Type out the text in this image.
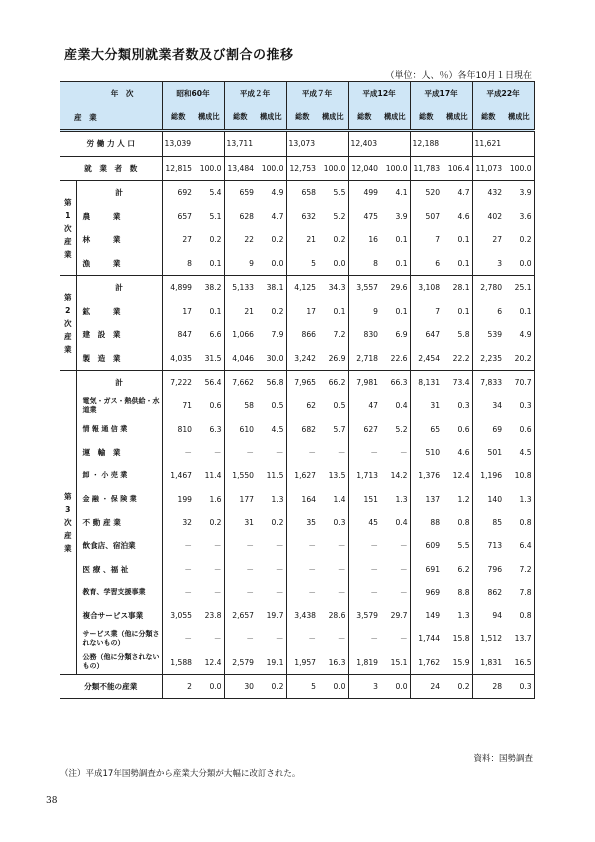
産業大分類別就業者数及び割合の推移
（単位：人、％）各年10月１日現在
年　次		昭和60年		平成２年		平成７年		平成12年		平成17年		平成22年	
産　業		総数	構成比	総数	構成比	総数	構成比	総数	構成比	総数	構成比	総数	構成比
労 働 力 人 口		13,039		13,711		13,073		12,403		12,188		11,621	
就　業　者　数		12,815	100.0	13,484	100.0	12,753	100.0	12,040	100.0	11,783	106.4	11,073	100.0

第
1
次
産
業	計	692	5.4	659	4.9	658	5.5	499	4.1	520	4.7	432	3.9
	農　　　業	657	5.1	628	4.7	632	5.2	475	3.9	507	4.6	402	3.6
	林　　　業	27	0.2	22	0.2	21	0.2	16	0.1	7	0.1	27	0.2
	漁　　　業	8	0.1	9	0.0	5	0.0	8	0.1	6	0.1	3	0.0

第
2
次
産
業	計	4,899	38.2	5,133	38.1	4,125	34.3	3,557	29.6	3,108	28.1	2,780	25.1
	鉱　　　業	17	0.1	21	0.2	17	0.1	9	0.1	7	0.1	6	0.1
	建　設　業	847	6.6	1,066	7.9	866	7.2	830	6.9	647	5.8	539	4.9
	製　造　業	4,035	31.5	4,046	30.0	3,242	26.9	2,718	22.6	2,454	22.2	2,235	20.2

第
3
次
産
業	計	7,222	56.4	7,662	56.8	7,965	66.2	7,981	66.3	8,131	73.4	7,833	70.7
	電気・ガス・熱供給・水道業	71	0.6	58	0.5	62	0.5	47	0.4	31	0.3	34	0.3
	情 報 通 信 業	810	6.3	610	4.5	682	5.7	627	5.2	65	0.6	69	0.6
	運　輸　業	－	－	－	－	－	－	－	－	510	4.6	501	4.5
	卸 ・ 小 売 業	1,467	11.4	1,550	11.5	1,627	13.5	1,713	14.2	1,376	12.4	1,196	10.8
	金 融 ・ 保 険 業	199	1.6	177	1.3	164	1.4	151	1.3	137	1.2	140	1.3
	不 動 産 業	32	0.2	31	0.2	35	0.3	45	0.4	88	0.8	85	0.8
	飲食店、宿泊業	－	－	－	－	－	－	－	－	609	5.5	713	6.4
	医 療 、福 祉	－	－	－	－	－	－	－	－	691	6.2	796	7.2
	教育、学習支援事業	－	－	－	－	－	－	－	－	969	8.8	862	7.8
	複合サービス事業	3,055	23.8	2,657	19.7	3,438	28.6	3,579	29.7	149	1.3	94	0.8
	サービス業（他に分類されないもの）	－	－	－	－	－	－	－	－	1,744	15.8	1,512	13.7
	公務（他に分類されないもの）	1,588	12.4	2,579	19.1	1,957	16.3	1,819	15.1	1,762	15.9	1,831	16.5
分類不能の産業		2	0.0	30	0.2	5	0.0	3	0.0	24	0.2	28	0.3
資料：国勢調査
（注）平成17年国勢調査から産業大分類が大幅に改訂された。
38
